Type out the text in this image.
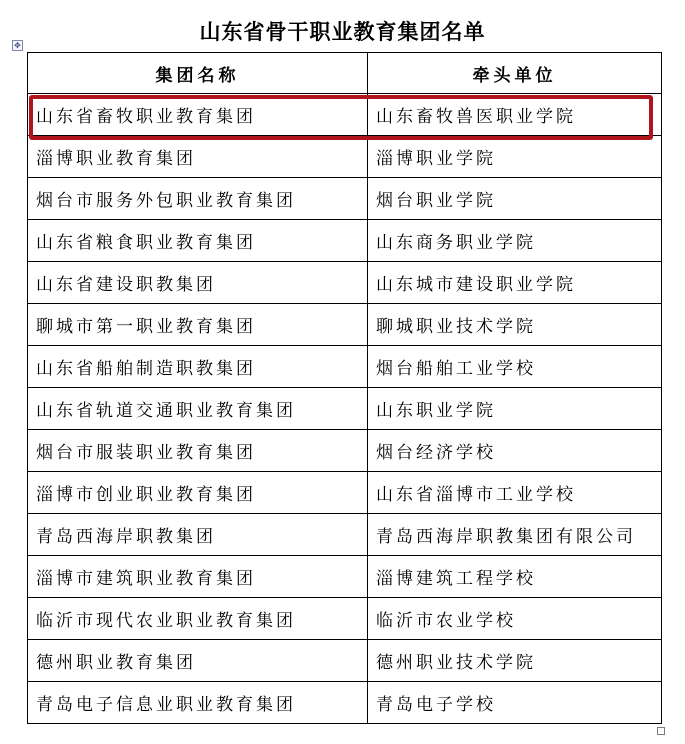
山东省骨干职业教育集团名单
✥
集团名称	牵头单位
山东省畜牧职业教育集团	山东畜牧兽医职业学院
淄博职业教育集团	淄博职业学院
烟台市服务外包职业教育集团	烟台职业学院
山东省粮食职业教育集团	山东商务职业学院
山东省建设职教集团	山东城市建设职业学院
聊城市第一职业教育集团	聊城职业技术学院
山东省船舶制造职教集团	烟台船舶工业学校
山东省轨道交通职业教育集团	山东职业学院
烟台市服装职业教育集团	烟台经济学校
淄博市创业职业教育集团	山东省淄博市工业学校
青岛西海岸职教集团	青岛西海岸职教集团有限公司
淄博市建筑职业教育集团	淄博建筑工程学校
临沂市现代农业职业教育集团	临沂市农业学校
德州职业教育集团	德州职业技术学院
青岛电子信息业职业教育集团	青岛电子学校
